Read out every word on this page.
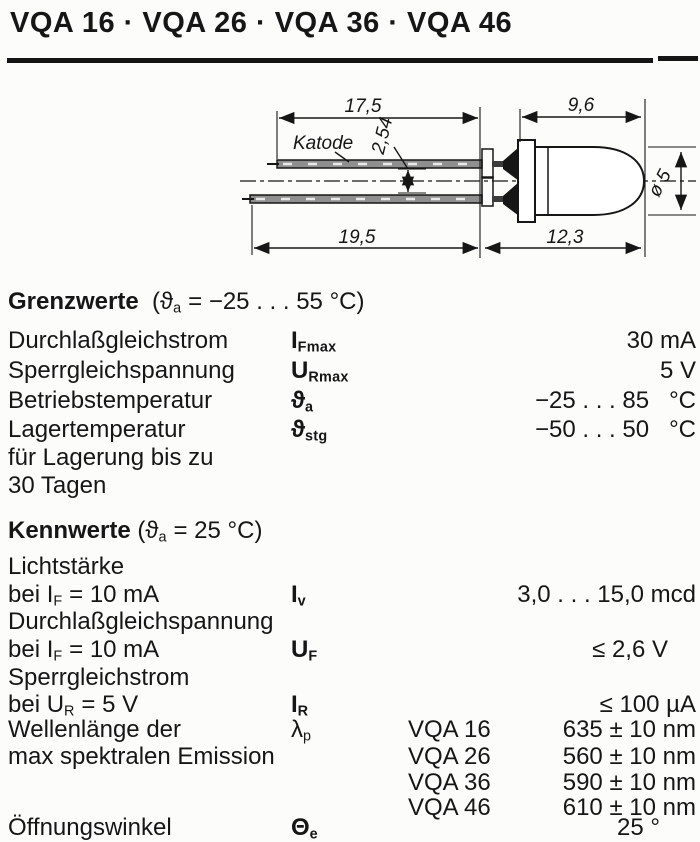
VQA 16 · VQA 26 · VQA 36 · VQA 46
17,5	9,6
19,5	12,3
2,54
ø 5
Katode
Grenzwerte  (ϑa = −25 . . . 55 °C)
Durchlaßgleichstrom	IFmax	30 mA
Sperrgleichspannung URmax	5 V
Betriebstemperatur	ϑa	−25 . . . 85   °C
Lagertemperatur
für Lagerung bis zu
30 Tagen
ϑstg	−50 . . . 50   °C
Kennwerte (ϑa = 25 °C)
Lichtstärke
bei IF = 10 mA	Iv	3,0 . . . 15,0 mcd
Durchlaßgleichspannung
bei IF = 10 mA	UF	≤ 2,6 V
Sperrgleichstrom
bei UR = 5 V	IR	≤ 100 µA
Wellenlänge der
max spektralen Emission
λp	VQA 16	635 ± 10 nm
VQA 26	560 ± 10 nm
VQA 36	590 ± 10 nm
VQA 46	610 ± 10 nm
Öffnungswinkel	Θe	25 °
